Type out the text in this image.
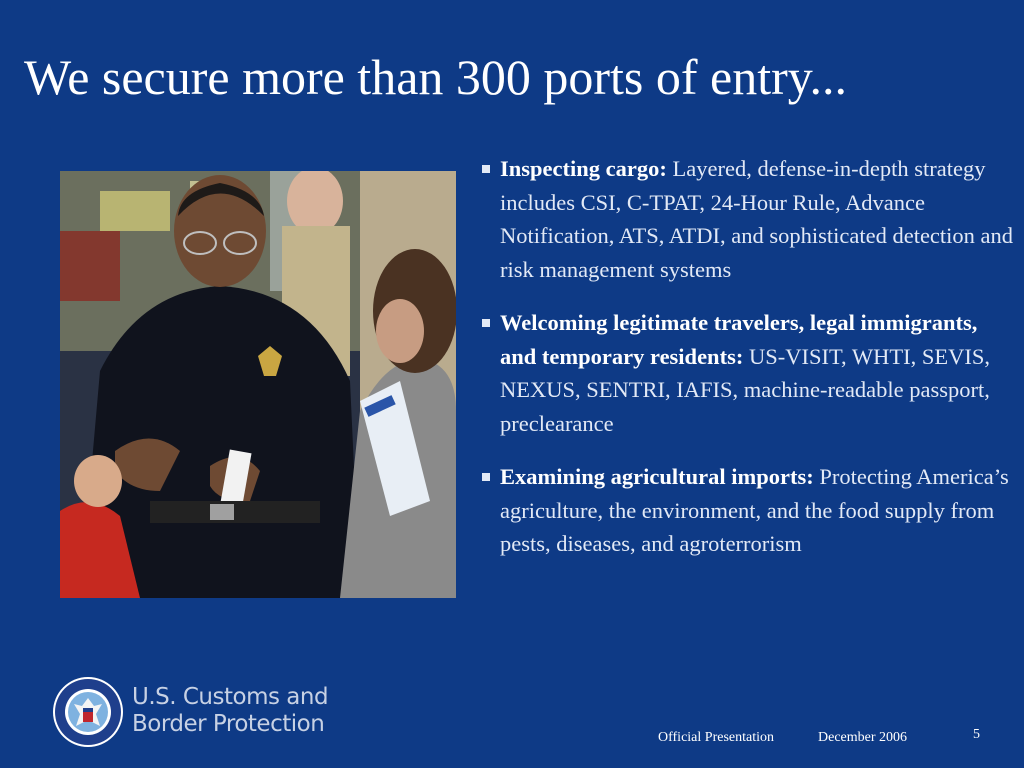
We secure more than 300 ports of entry...
Inspecting cargo: Layered, defense-in-depth strategy includes CSI, C-TPAT, 24-Hour Rule, Advance Notification, ATS, ATDI, and sophisticated detection and risk management systems
Welcoming legitimate travelers, legal immigrants, and temporary residents: US-VISIT, WHTI, SEVIS, NEXUS, SENTRI, IAFIS, machine-readable passport, preclearance
Examining agricultural imports: Protecting America’s agriculture, the environment, and the food supply from pests, diseases, and agroterrorism
U.S. Customs and
Border Protection
Official Presentation	December 2006	5
